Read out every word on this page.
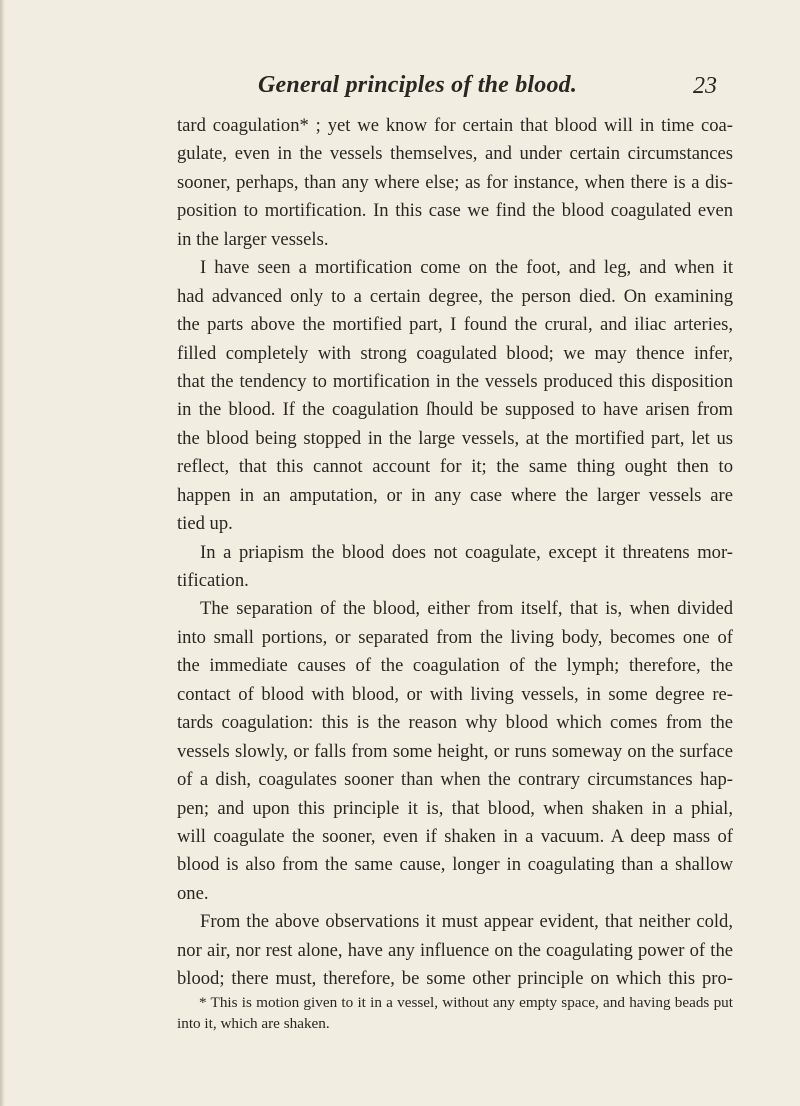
General principles of the blood.	23
tard coagulation* ; yet we know for certain that blood will in time coa-
gulate, even in the vessels themselves, and under certain circumstances
sooner, perhaps, than any where else; as for instance, when there is a dis-
position to mortification. In this case we find the blood coagulated even
in the larger vessels.
I have seen a mortification come on the foot, and leg, and when it
had advanced only to a certain degree, the person died. On examining
the parts above the mortified part, I found the crural, and iliac arteries,
filled completely with strong coagulated blood; we may thence infer,
that the tendency to mortification in the vessels produced this disposition
in the blood. If the coagulation ſhould be supposed to have arisen from
the blood being stopped in the large vessels, at the mortified part, let us
reflect, that this cannot account for it; the same thing ought then to
happen in an amputation, or in any case where the larger vessels are
tied up.
In a priapism the blood does not coagulate, except it threatens mor-
tification.
The separation of the blood, either from itself, that is, when divided
into small portions, or separated from the living body, becomes one of
the immediate causes of the coagulation of the lymph; therefore, the
contact of blood with blood, or with living vessels, in some degree re-
tards coagulation: this is the reason why blood which comes from the
vessels slowly, or falls from some height, or runs someway on the surface
of a dish, coagulates sooner than when the contrary circumstances hap-
pen; and upon this principle it is, that blood, when shaken in a phial,
will coagulate the sooner, even if shaken in a vacuum. A deep mass of
blood is also from the same cause, longer in coagulating than a shallow
one.
From the above observations it must appear evident, that neither cold,
nor air, nor rest alone, have any influence on the coagulating power of the
blood; there must, therefore, be some other principle on which this pro-
* This is motion given to it in a vessel, without any empty space, and having beads put
into it, which are shaken.
